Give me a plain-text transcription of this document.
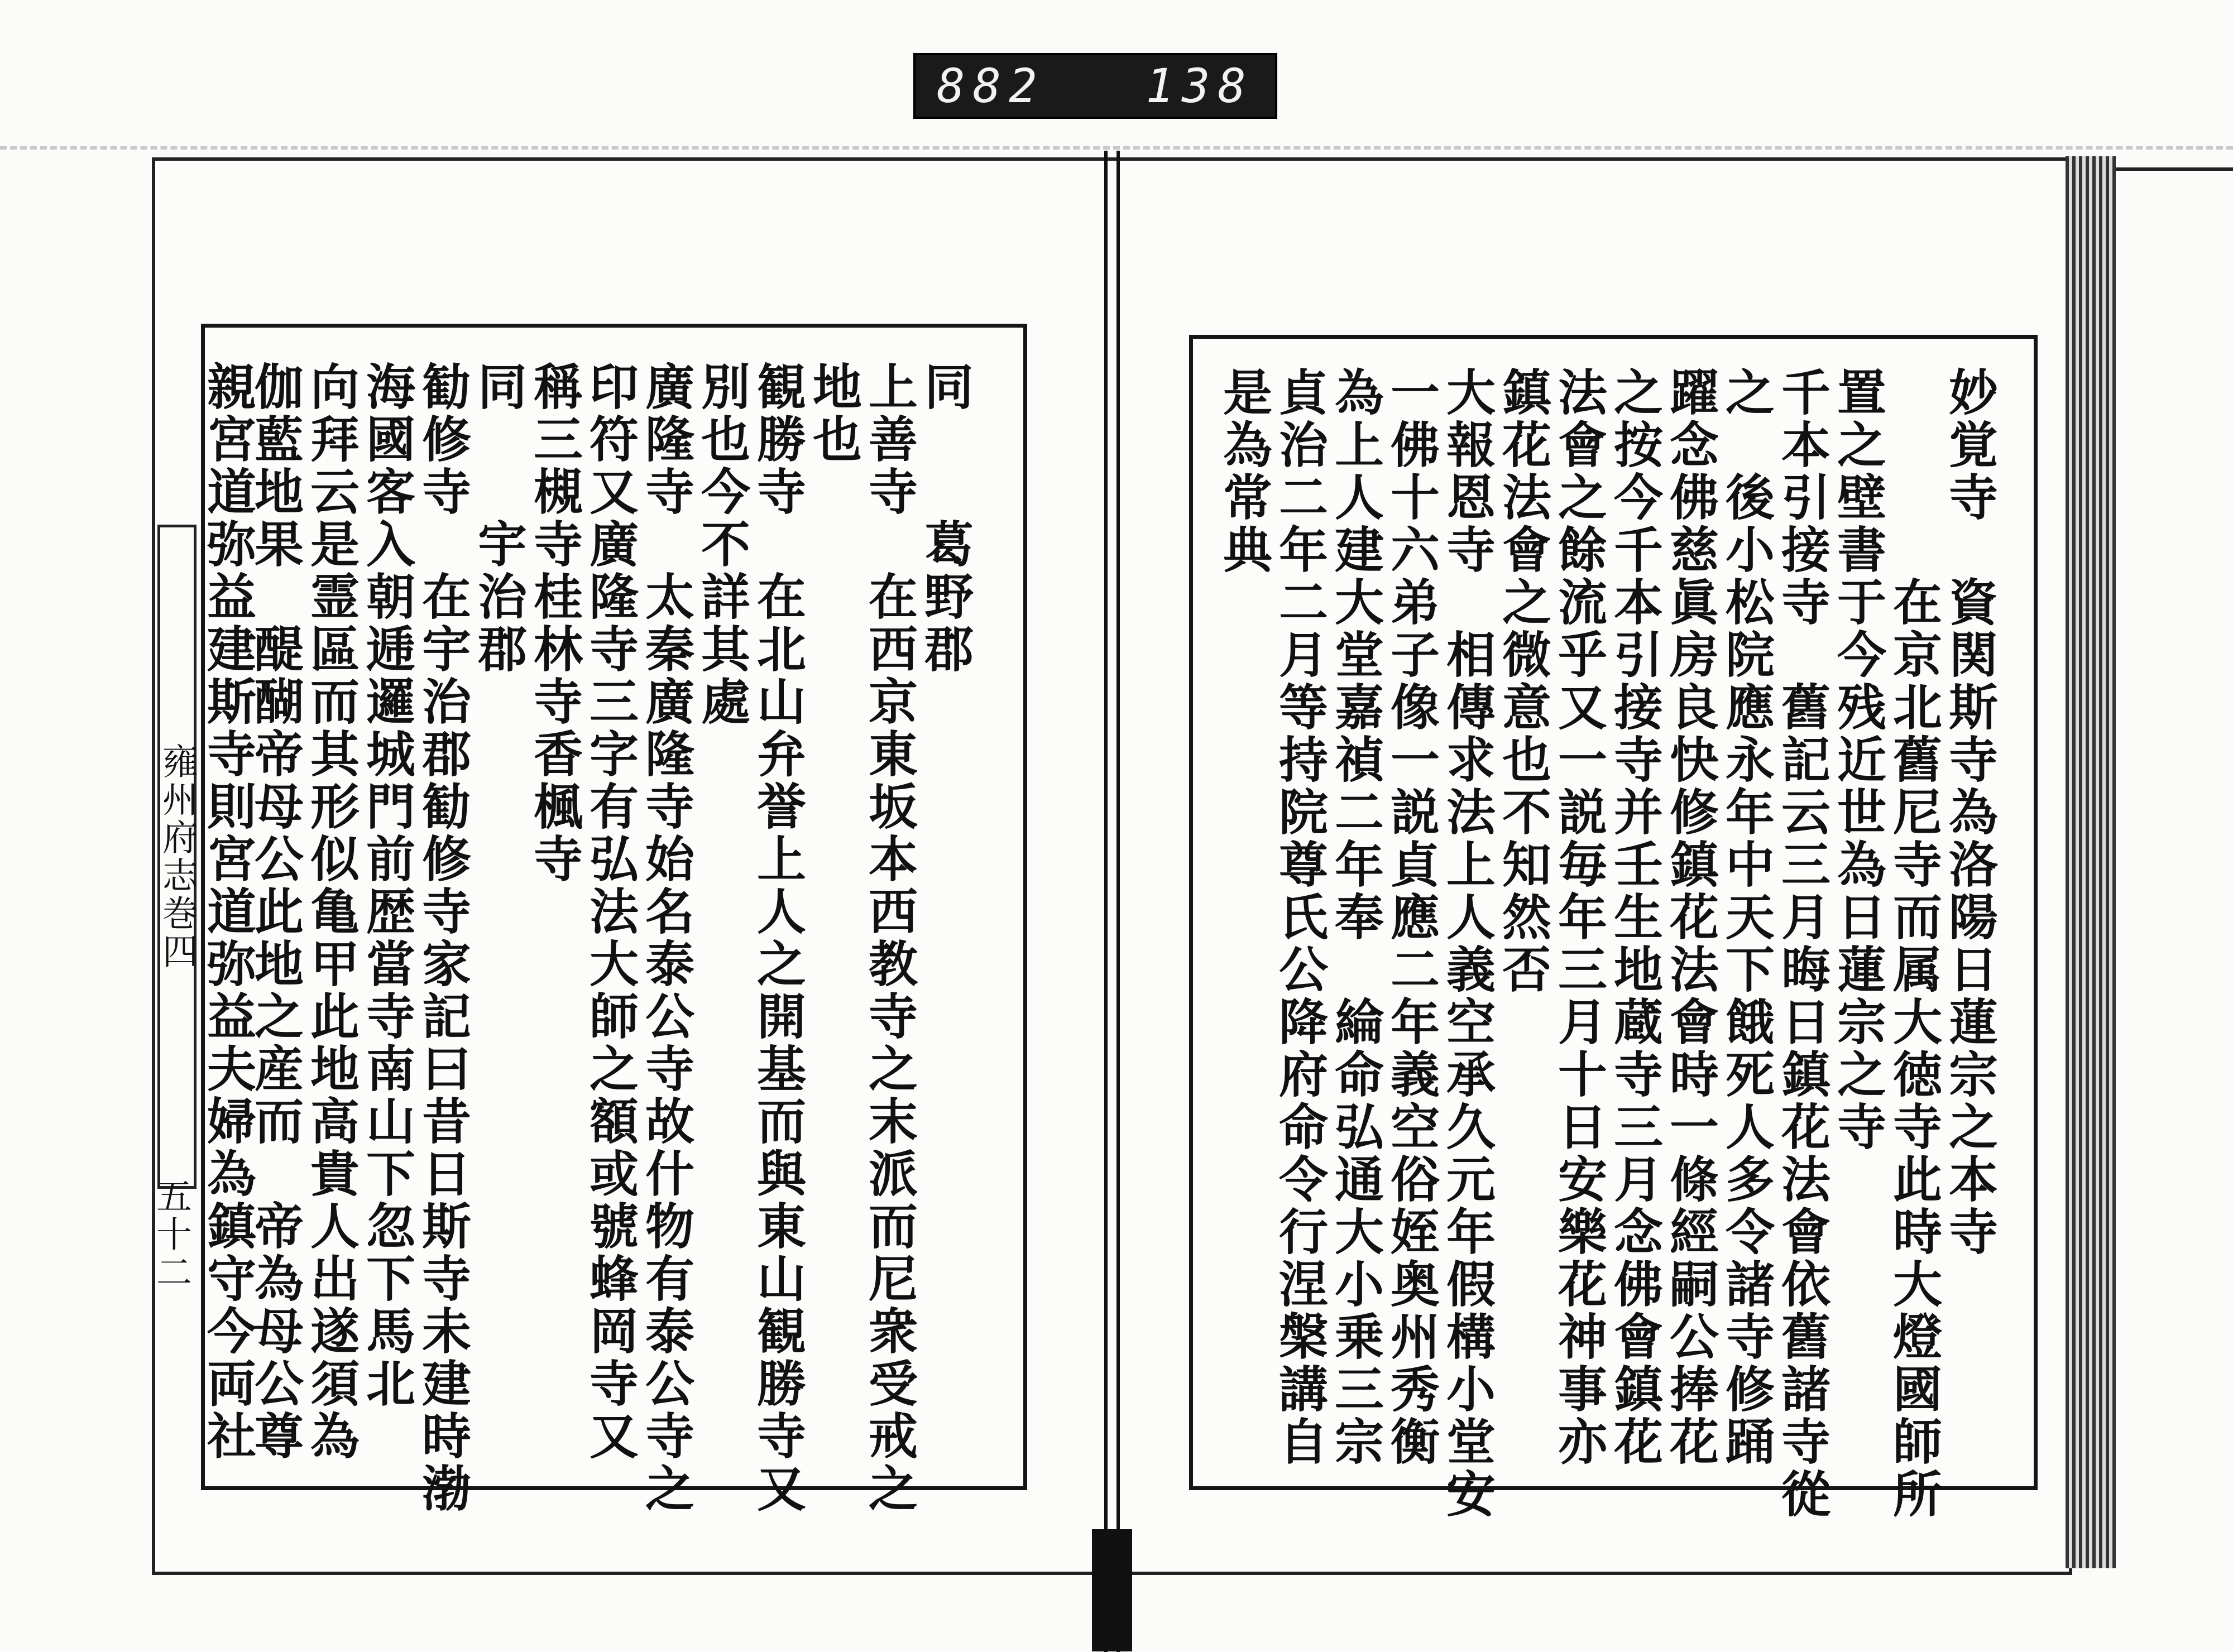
882 138
雍州府志巻四
五十二
同　　葛野郡
上善寺　在西京東坂本西教寺之末派而尼衆受戒之
地也
観勝寺　在北山弁誉上人之開基而與東山観勝寺又
別也今不詳其處
廣隆寺　太秦廣隆寺始名泰公寺故什物有泰公寺之
印符又廣隆寺三字有弘法大師之額或號蜂岡寺又
稱三槻寺桂林寺香楓寺
同　　宇治郡
勧修寺　在宇治郡勧修寺家記曰昔日斯寺未建時渤
海國客入朝逓邏城門前歴當寺南山下忽下馬北
向拜云是霊區而其形似亀甲此地高貴人出遂須為
伽藍地果　醍醐帝母公此地之産而　帝為母公尊
親宮道弥益建斯寺則宮道弥益夫婦為鎮守今両社	妙覚寺　資関斯寺為洛陽日蓮宗之本寺
　　　　在京北舊尼寺而属大徳寺此時大燈國師所
置之壁書于今残近世為日蓮宗之寺
千本引接寺　舊記云三月晦日鎮花法會依舊諸寺從
之　後小松院應永年中天下餓死人多令諸寺修踊
躍念佛慈眞房良快修鎮花法會時一條經嗣公捧花
之按今千本引接寺并壬生地蔵寺三月念佛會鎮花
法會之餘流乎又一説毎年三月十日安樂花神事亦
鎮花法會之微意也不知然否
大報恩寺　相傳求法上人義空承久元年假構小堂安
一佛十六弟子像一説貞應二年義空俗姪奥州秀衡
為上人建大堂嘉禎二年奉　綸命弘通大小乗三宗
貞治二年二月等持院尊氏公降府命令行涅槃講自
是為常典
